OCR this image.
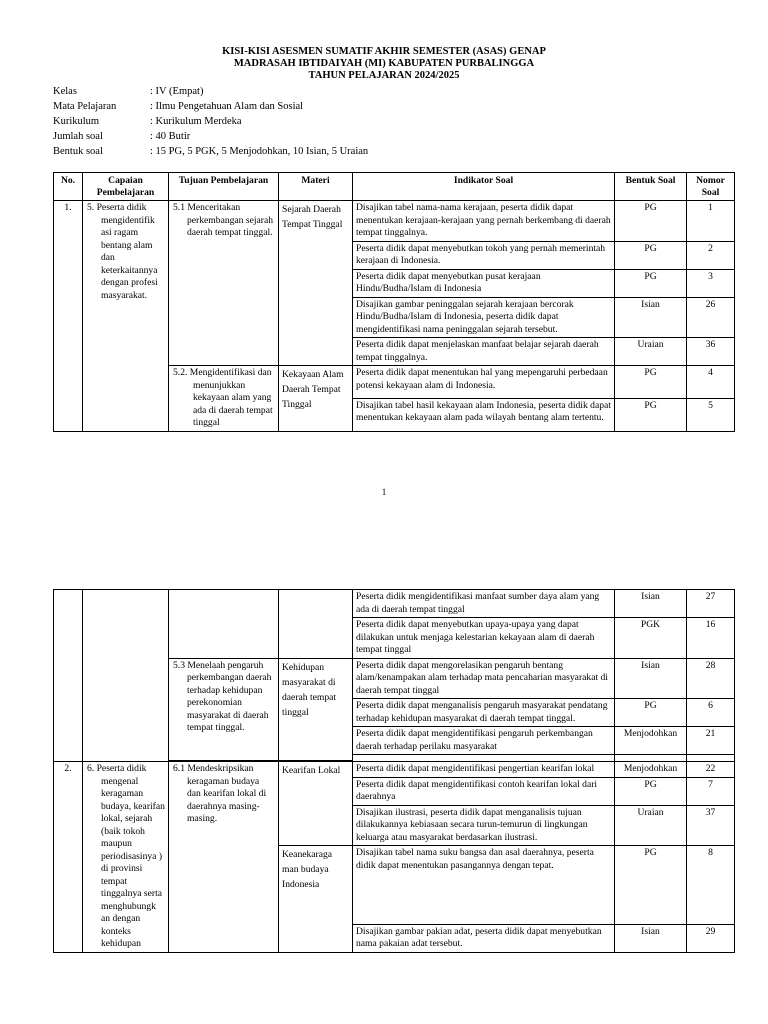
KISI-KISI ASESMEN SUMATIF AKHIR SEMESTER (ASAS) GENAP
MADRASAH IBTIDAIYAH (MI) KABUPATEN PURBALINGGA
TAHUN PELAJARAN 2024/2025
Kelas	: IV (Empat)
Mata Pelajaran	: Ilmu Pengetahuan Alam dan Sosial
Kurikulum	: Kurikulum Merdeka
Jumlah soal	: 40 Butir
Bentuk soal	: 15 PG, 5 PGK, 5 Menjodohkan, 10 Isian, 5 Uraian
No.	Capaian Pembelajaran	Tujuan Pembelajaran	Materi	Indikator Soal	Bentuk Soal	Nomor Soal
1.	5. Peserta didik mengidentifik asi ragam bentang alam dan keterkaitannya dengan profesi masyarakat.	5.1 Menceritakan perkembangan sejarah daerah tempat tinggal.	Sejarah Daerah Tempat Tinggal	Disajikan tabel nama-nama kerajaan, peserta didik dapat menentukan kerajaan-kerajaan yang pernah berkembang di daerah tempat tinggalnya.	PG	1
				Peserta didik dapat menyebutkan tokoh yang pernah memerintah kerajaan di Indonesia.	PG	2
				Peserta didik dapat menyebutkan pusat kerajaan Hindu/Budha/Islam di Indonesia	PG	3
				Disajikan gambar peninggalan sejarah kerajaan bercorak Hindu/Budha/Islam di Indonesia, peserta didik dapat mengidentifikasi nama peninggalan sejarah tersebut.	Isian	26
				Peserta didik dapat menjelaskan manfaat belajar sejarah daerah tempat tinggalnya.	Uraian	36
		5.2. Mengidentifikasi dan menunjukkan kekayaan alam yang ada di daerah tempat tinggal	Kekayaan Alam Daerah Tempat Tinggal	Peserta didik dapat menentukan hal yang mepengaruhi perbedaan potensi kekayaan alam di Indonesia.	PG	4
				Disajikan tabel hasil kekayaan alam Indonesia, peserta didik dapat menentukan kekayaan alam pada wilayah bentang alam tertentu.	PG	5
1
				Peserta didik mengidentifikasi manfaat sumber daya alam yang ada di daerah tempat tinggal	Isian	27
				Peserta didik dapat menyebutkan upaya-upaya yang dapat dilakukan untuk menjaga kelestarian kekayaan alam di daerah tempat tinggal	PGK	16
		5.3 Menelaah pengaruh perkembangan daerah terhadap kehidupan perekonomian masyarakat di daerah tempat tinggal.	Kehidupan masyarakat di daerah tempat tinggal	Peserta didik dapat mengorelasikan pengaruh bentang alam/kenampakan alam terhadap mata pencaharian masyarakat di daerah tempat tinggal	Isian	28
				Peserta didik dapat menganalisis pengaruh masyarakat pendatang terhadap kehidupan masyarakat di daerah tempat tinggal.	PG	6
				Peserta didik dapat mengidentifikasi pengaruh perkembangan daerah terhadap perilaku masyarakat	Menjodohkan	21

2.	6. Peserta didik mengenal keragaman budaya, kearifan lokal, sejarah (baik tokoh maupun periodisasinya ) di provinsi tempat tinggalnya serta menghubungk an dengan konteks kehidupan	6.1 Mendeskripsikan keragaman budaya dan kearifan lokal di daerahnya masing-masing.	Kearifan Lokal	Peserta didik dapat mengidentifikasi pengertian kearifan lokal	Menjodohkan	22
				Peserta didik dapat mengidentifikasi contoh kearifan lokal dari daerahnya	PG	7
				Disajikan ilustrasi, peserta didik dapat menganalisis tujuan dilakukannya kebiasaan secara turun-temurun di lingkungan keluarga atau masyarakat berdasarkan ilustrasi.	Uraian	37
			Keanekaraga man budaya Indonesia	Disajikan tabel nama suku bangsa dan asal daerahnya, peserta didik dapat menentukan pasangannya dengan tepat.	PG	8
				Disajikan gambar pakian adat, peserta didik dapat menyebutkan nama pakaian adat tersebut.	Isian	29
